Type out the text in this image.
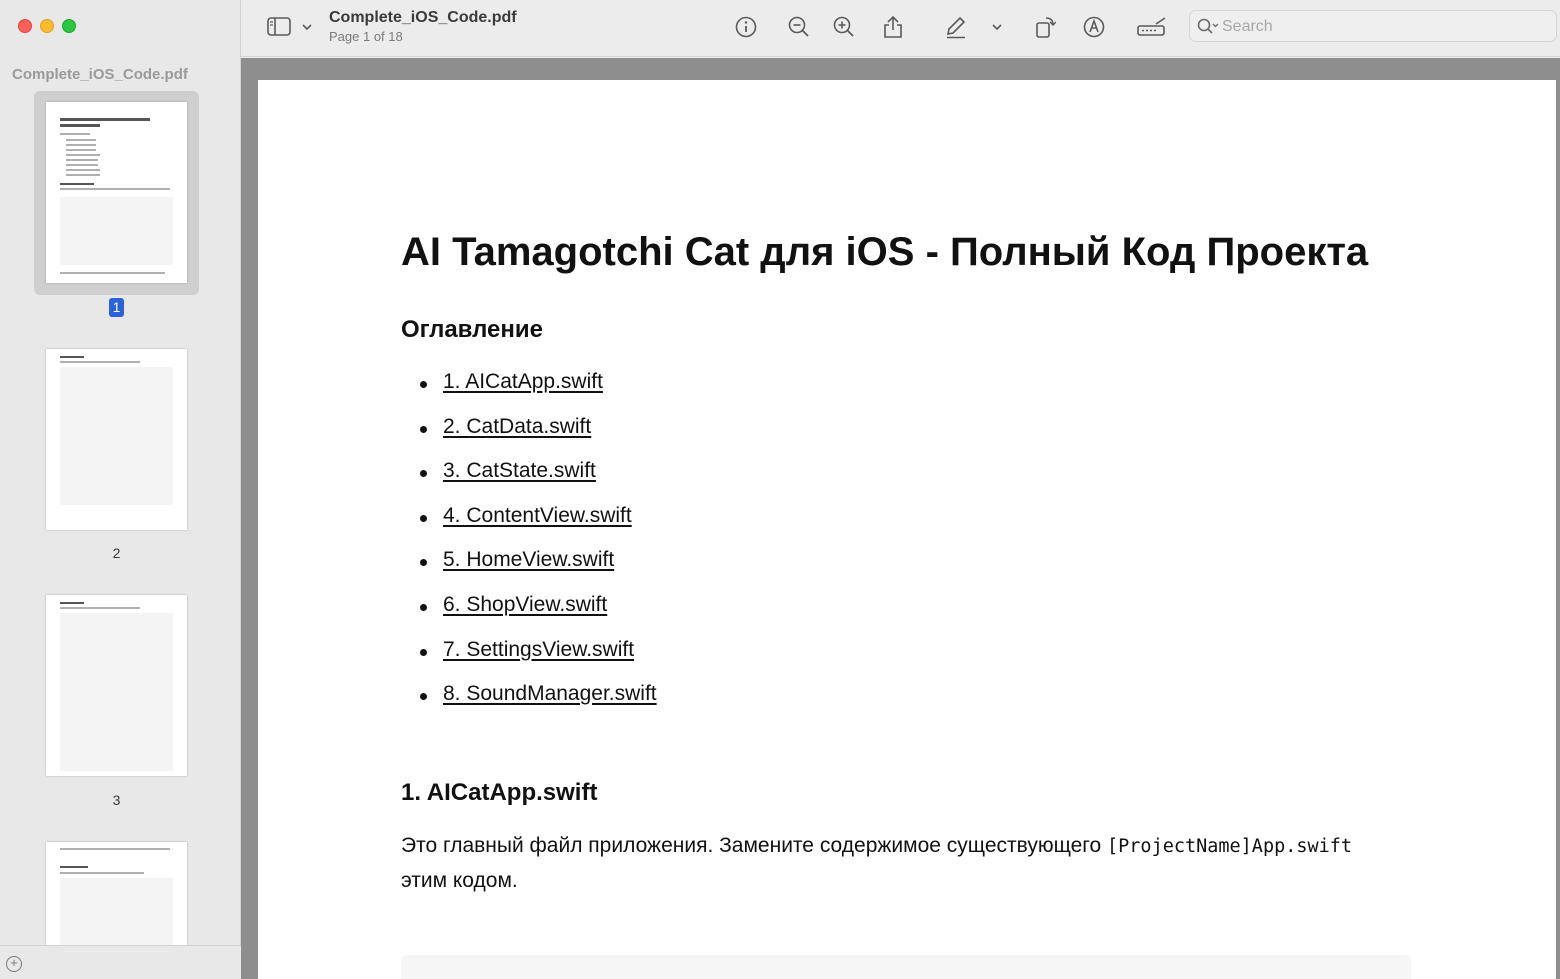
Complete_iOS_Code.pdf
1
2
3
+
Complete_iOS_Code.pdf
Page 1 of 18
Search
AI Tamagotchi Cat для iOS - Полный Код Проекта
Оглавление
1. AICatApp.swift
2. CatData.swift
3. CatState.swift
4. ContentView.swift
5. HomeView.swift
6. ShopView.swift
7. SettingsView.swift
8. SoundManager.swift
1. AICatApp.swift

Это главный файл приложения. Замените содержимое существующего [ProjectName]App.swift
этим кодом.
